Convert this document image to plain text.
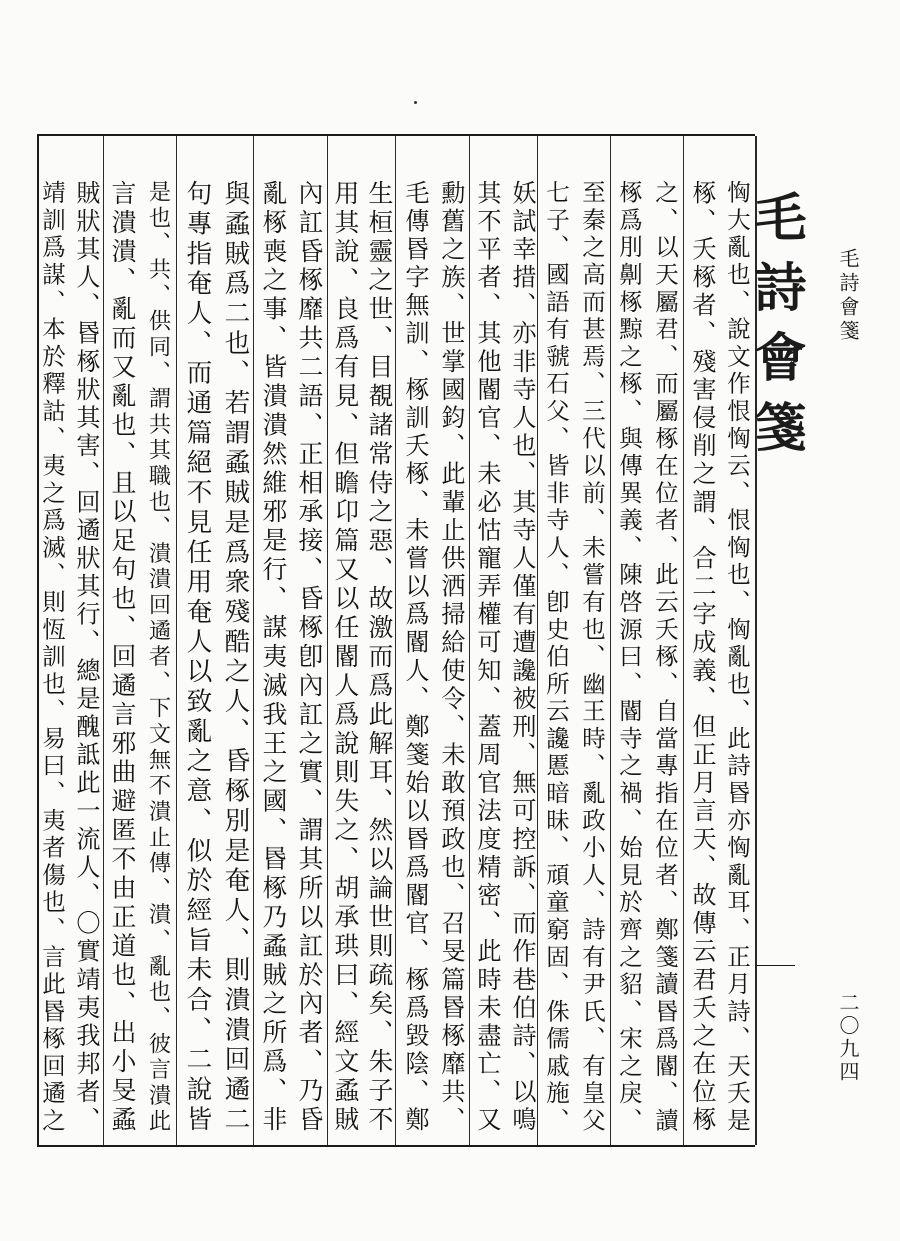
恟大亂也、說文作恨恟云、恨恟也、恟亂也、此詩昬亦恟亂耳、正月詩、天夭是
椓、夭椓者、殘害侵削之謂、合二字成義、但正月言天、故傳云君夭之在位椓
之、以天屬君、而屬椓在位者、此云夭椓、自當專指在位者、鄭箋讀昬爲閽、讀
椓爲刖劓椓黥之椓、與傳異義、陳啓源曰、閽寺之禍、始見於齊之貂、宋之戾、
至秦之高而甚焉、三代以前、未嘗有也、幽王時、亂政小人、詩有尹氏、有皇父
七子、國語有虢石父、皆非寺人、卽史伯所云讒慝暗昧、頑童窮固、侏儒戚施、
妖試幸措、亦非寺人也、其寺人僅有遭讒被刑、無可控訴、而作巷伯詩、以鳴
其不平者、其他閽官、未必怙寵弄權可知、蓋周官法度精密、此時未盡亡、又
勳舊之族、世掌國鈞、此輩止供洒掃給使令、未敢預政也、召旻篇昬椓靡共、
毛傳昬字無訓、椓訓夭椓、未嘗以爲閽人、鄭箋始以昬爲閽官、椓爲毀陰、鄭
生桓靈之世、目覩諸常侍之惡、故激而爲此解耳、然以論世則疏矣、朱子不
用其說、良爲有見、但瞻卬篇又以任閽人爲說則失之、胡承珙曰、經文蟊賊
內訌昏椓靡共二語、正相承接、昏椓卽內訌之實、謂其所以訌於內者、乃昏
亂椓喪之事、皆潰潰然維邪是行、謀夷滅我王之國、昬椓乃蟊賊之所爲、非
與蟊賊爲二也、若謂蟊賊是爲衆殘酷之人、昏椓別是奄人、則潰潰回遹二
句專指奄人、而通篇絕不見任用奄人以致亂之意、似於經旨未合、二說皆
是也、共、供同、謂共其職也、潰潰回遹者、下文無不潰止傳、潰、亂也、彼言潰此
言潰潰、亂而又亂也、且以足句也、回遹言邪曲避匿不由正道也、出小旻蟊
賊狀其人、昬椓狀其害、回遹狀其行、總是醜詆此一流人、〇實靖夷我邦者、
靖訓爲謀、本於釋詁、夷之爲滅、則恆訓也、易曰、夷者傷也、言此昬椓回遹之	毛詩會箋 毛詩會箋
二〇九四
